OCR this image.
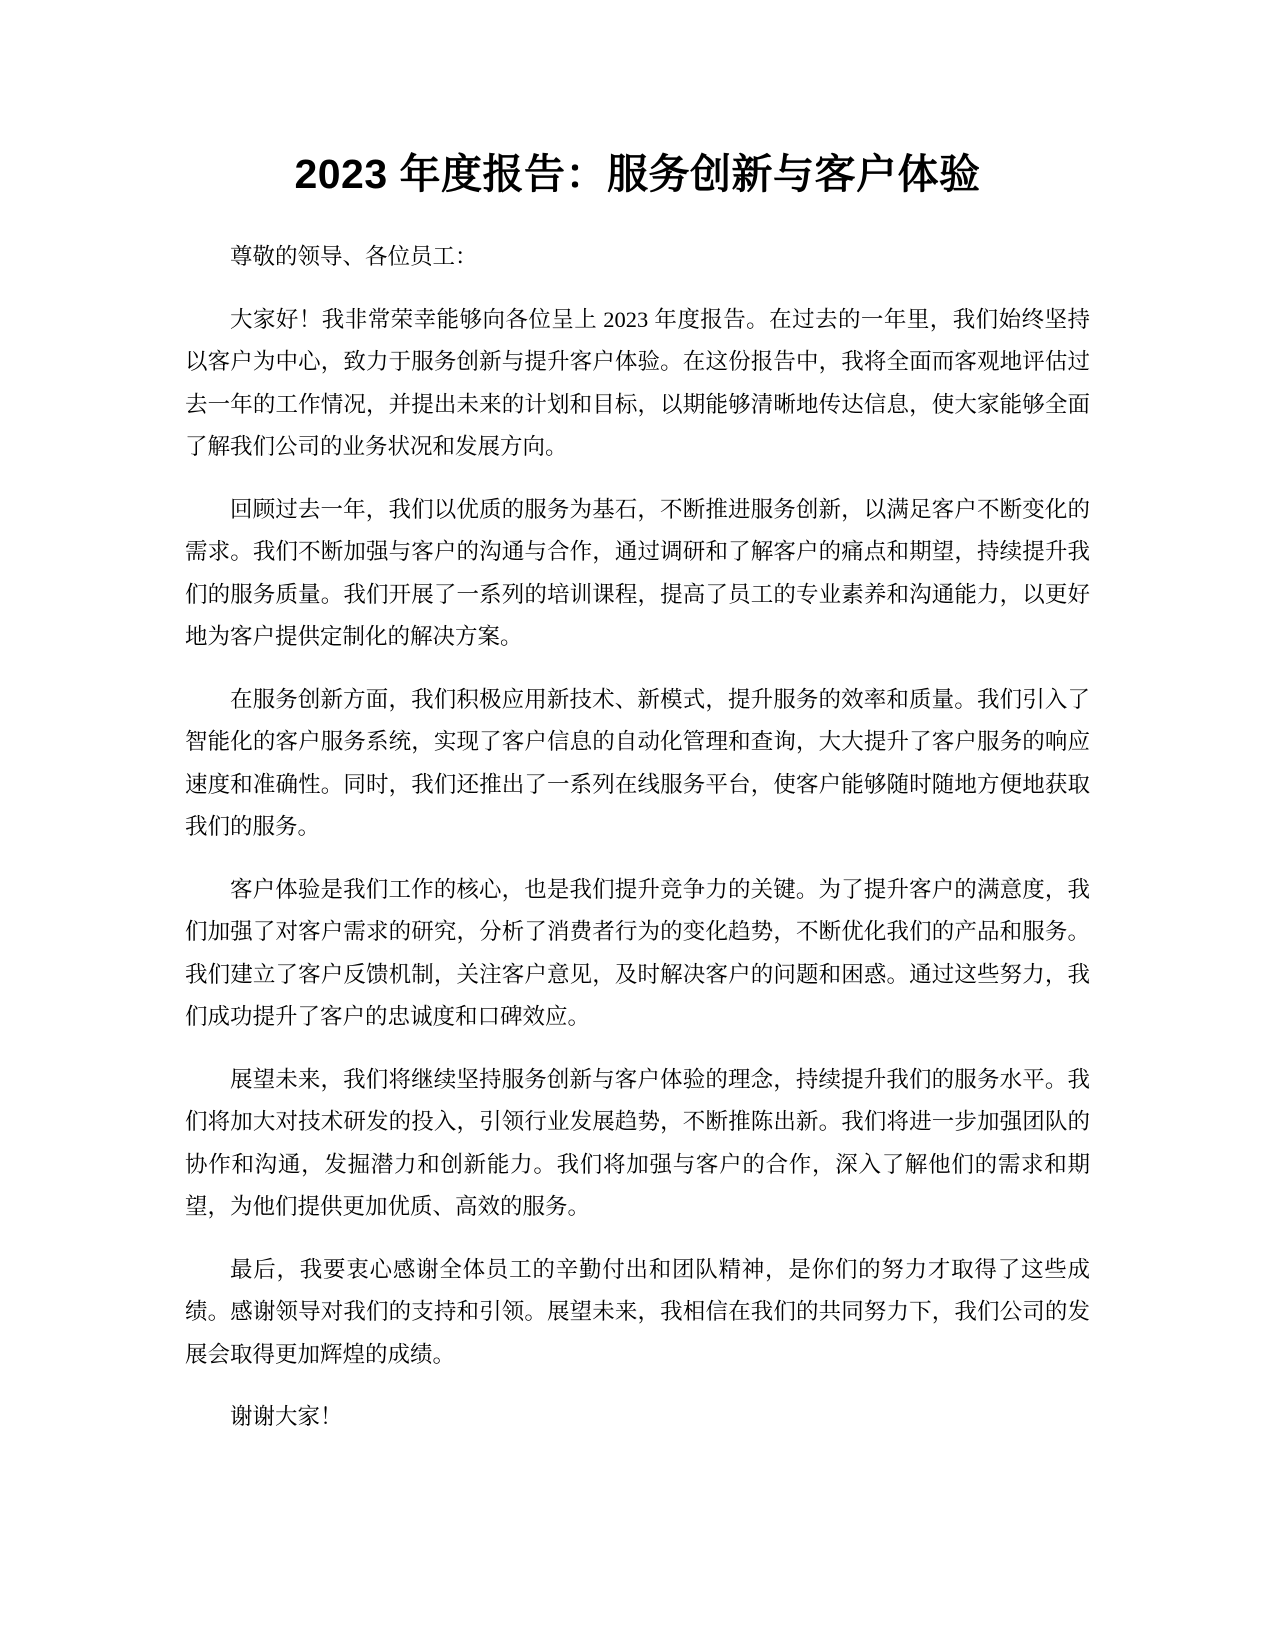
2023 年度报告：服务创新与客户体验

尊敬的领导、各位员工：

大家好！我非常荣幸能够向各位呈上 2023 年度报告。在过去的一年里，我们始终坚持以客户为中心，致力于服务创新与提升客户体验。在这份报告中，我将全面而客观地评估过去一年的工作情况，并提出未来的计划和目标，以期能够清晰地传达信息，使大家能够全面了解我们公司的业务状况和发展方向。

回顾过去一年，我们以优质的服务为基石，不断推进服务创新，以满足客户不断变化的需求。我们不断加强与客户的沟通与合作，通过调研和了解客户的痛点和期望，持续提升我们的服务质量。我们开展了一系列的培训课程，提高了员工的专业素养和沟通能力，以更好地为客户提供定制化的解决方案。

在服务创新方面，我们积极应用新技术、新模式，提升服务的效率和质量。我们引入了智能化的客户服务系统，实现了客户信息的自动化管理和查询，大大提升了客户服务的响应速度和准确性。同时，我们还推出了一系列在线服务平台，使客户能够随时随地方便地获取我们的服务。

客户体验是我们工作的核心，也是我们提升竞争力的关键。为了提升客户的满意度，我们加强了对客户需求的研究，分析了消费者行为的变化趋势，不断优化我们的产品和服务。我们建立了客户反馈机制，关注客户意见，及时解决客户的问题和困惑。通过这些努力，我们成功提升了客户的忠诚度和口碑效应。

展望未来，我们将继续坚持服务创新与客户体验的理念，持续提升我们的服务水平。我们将加大对技术研发的投入，引领行业发展趋势，不断推陈出新。我们将进一步加强团队的协作和沟通，发掘潜力和创新能力。我们将加强与客户的合作，深入了解他们的需求和期望，为他们提供更加优质、高效的服务。

最后，我要衷心感谢全体员工的辛勤付出和团队精神，是你们的努力才取得了这些成绩。感谢领导对我们的支持和引领。展望未来，我相信在我们的共同努力下，我们公司的发展会取得更加辉煌的成绩。

谢谢大家！
